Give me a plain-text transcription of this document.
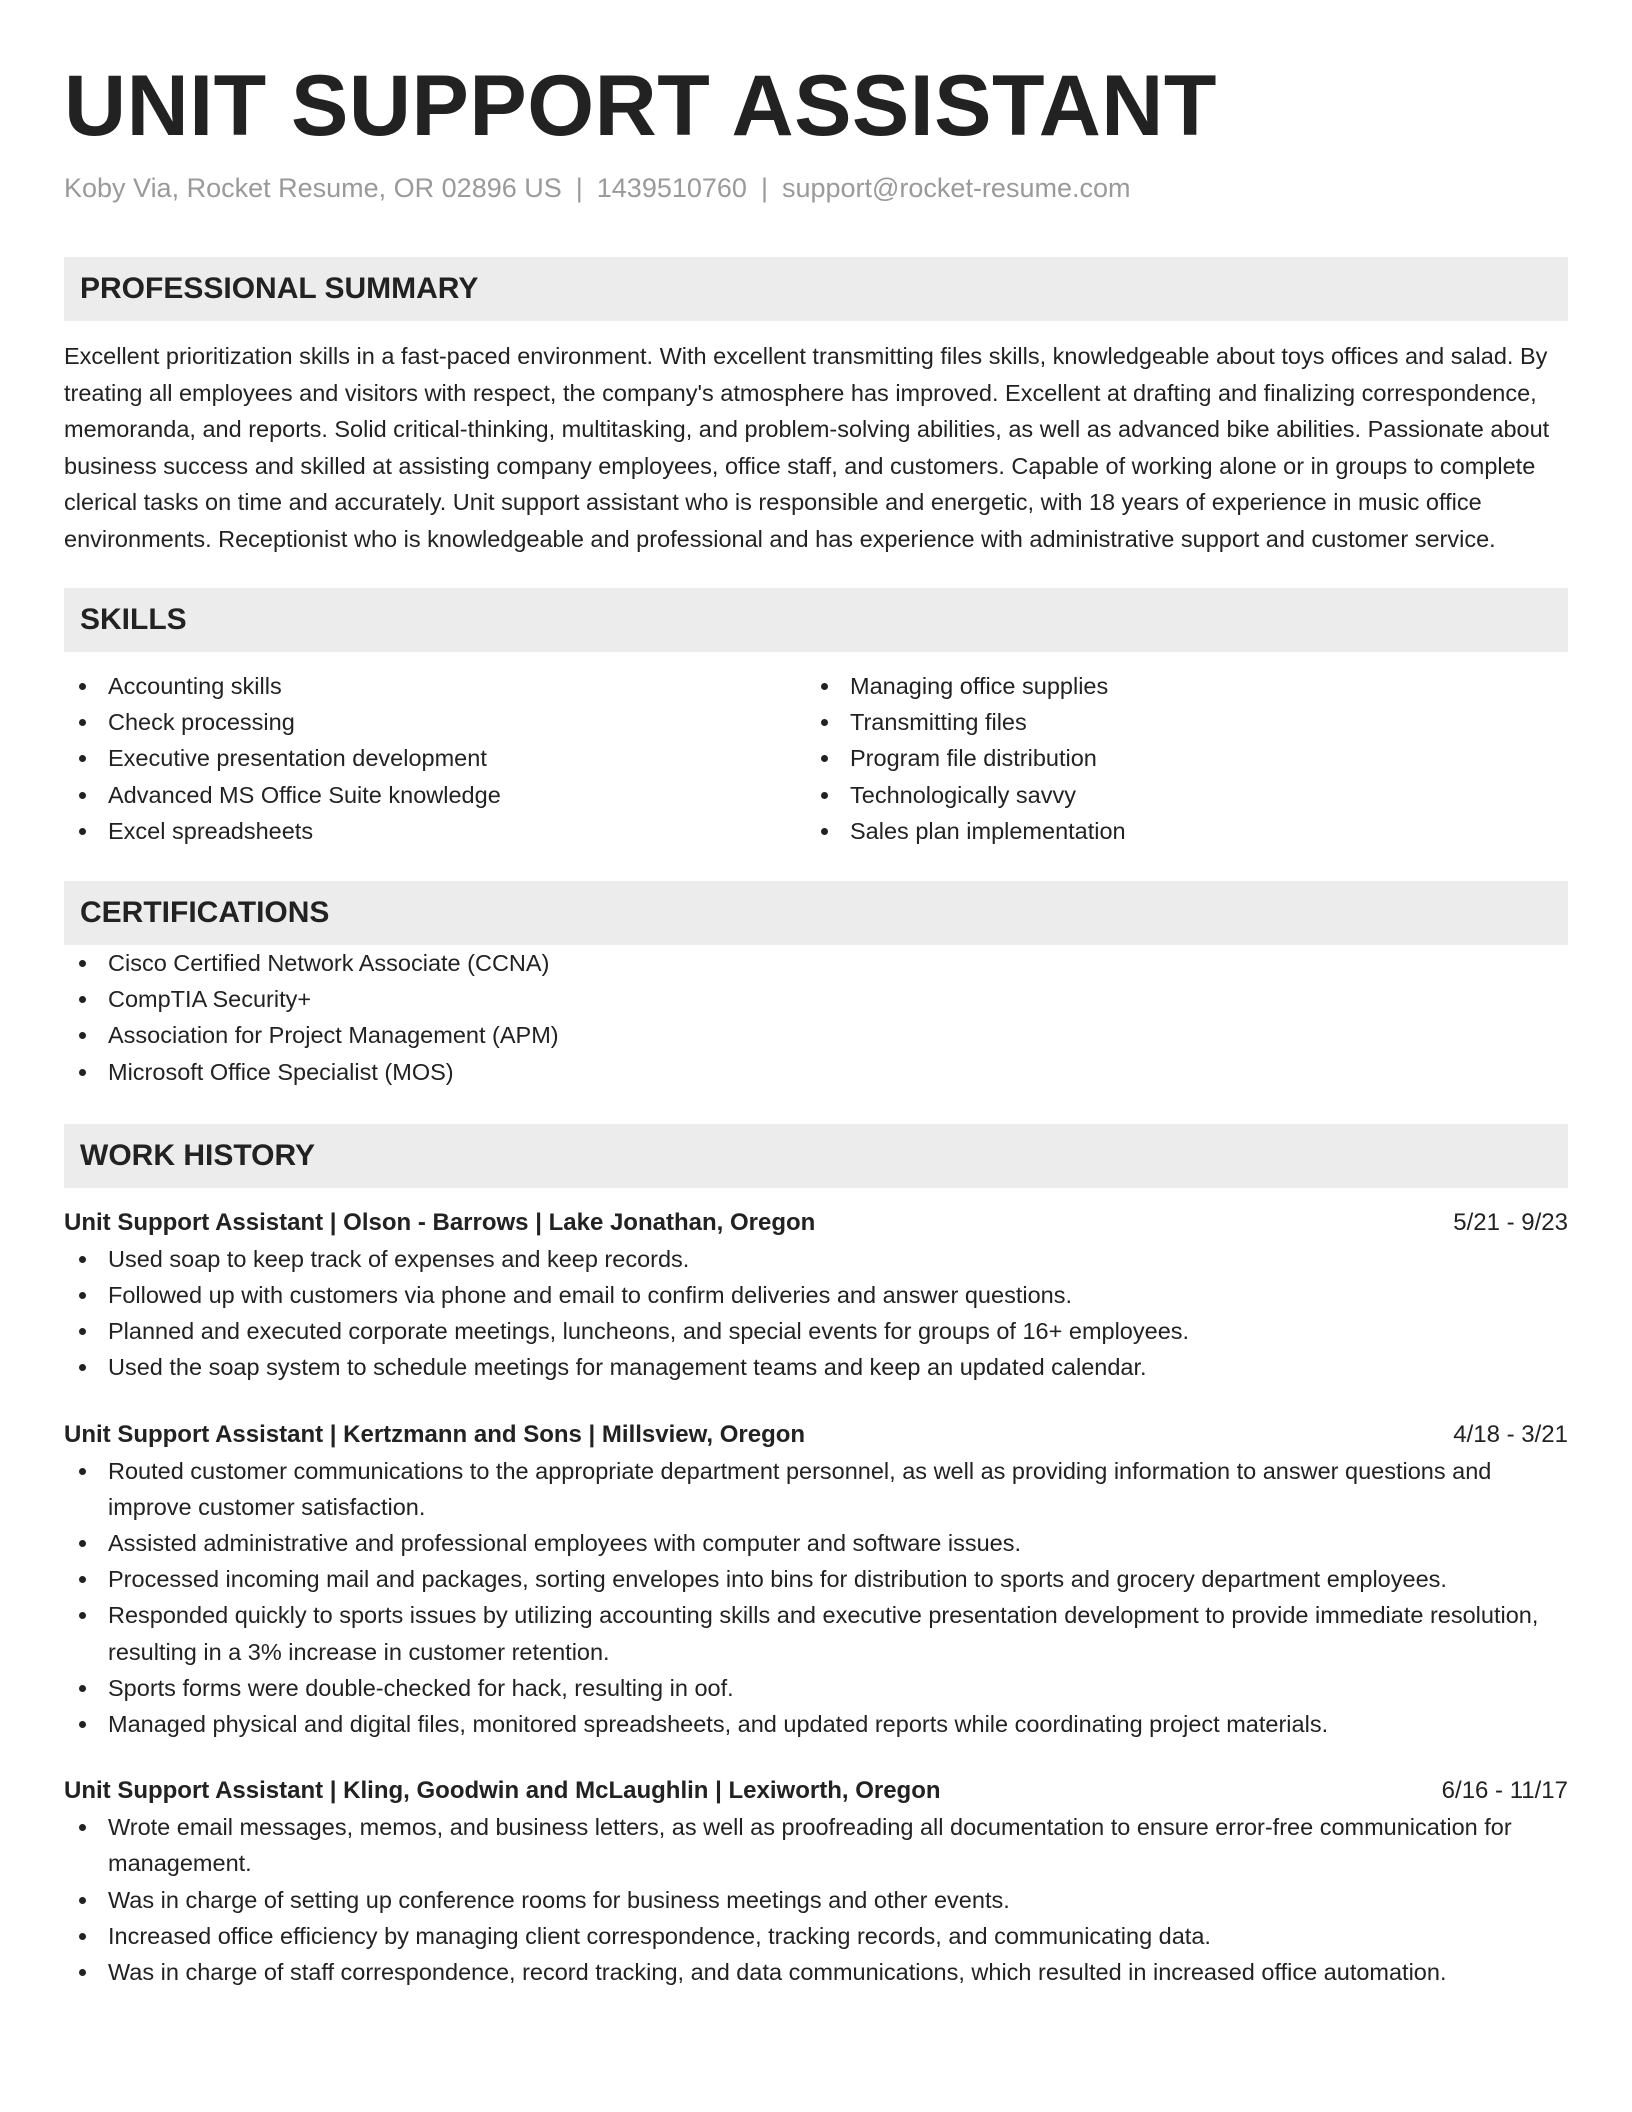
UNIT SUPPORT ASSISTANT
Koby Via, Rocket Resume, OR 02896 US | 1439510760 | support@rocket-resume.com
PROFESSIONAL SUMMARY

Excellent prioritization skills in a fast-paced environment. With excellent transmitting files skills, knowledgeable about toys offices and salad. By treating all employees and visitors with respect, the company's atmosphere has improved. Excellent at drafting and finalizing correspondence, memoranda, and reports. Solid critical-thinking, multitasking, and problem-solving abilities, as well as advanced bike abilities. Passionate about business success and skilled at assisting company employees, office staff, and customers. Capable of working alone or in groups to complete clerical tasks on time and accurately. Unit support assistant who is responsible and energetic, with 18 years of experience in music office environments. Receptionist who is knowledgeable and professional and has experience with administrative support and customer service.

SKILLS
Accounting skills
Check processing
Executive presentation development
Advanced MS Office Suite knowledge
Excel spreadsheets
Managing office supplies
Transmitting files
Program file distribution
Technologically savvy
Sales plan implementation
CERTIFICATIONS
Cisco Certified Network Associate (CCNA)
CompTIA Security+
Association for Project Management (APM)
Microsoft Office Specialist (MOS)
WORK HISTORY
Unit Support Assistant | Olson - Barrows | Lake Jonathan, Oregon	5/21 - 9/23
Used soap to keep track of expenses and keep records.
Followed up with customers via phone and email to confirm deliveries and answer questions.
Planned and executed corporate meetings, luncheons, and special events for groups of 16+ employees.
Used the soap system to schedule meetings for management teams and keep an updated calendar.
Unit Support Assistant | Kertzmann and Sons | Millsview, Oregon	4/18 - 3/21
Routed customer communications to the appropriate department personnel, as well as providing information to answer questions and improve customer satisfaction.
Assisted administrative and professional employees with computer and software issues.
Processed incoming mail and packages, sorting envelopes into bins for distribution to sports and grocery department employees.
Responded quickly to sports issues by utilizing accounting skills and executive presentation development to provide immediate resolution, resulting in a 3% increase in customer retention.
Sports forms were double-checked for hack, resulting in oof.
Managed physical and digital files, monitored spreadsheets, and updated reports while coordinating project materials.
Unit Support Assistant | Kling, Goodwin and McLaughlin | Lexiworth, Oregon	6/16 - 11/17
Wrote email messages, memos, and business letters, as well as proofreading all documentation to ensure error-free communication for management.
Was in charge of setting up conference rooms for business meetings and other events.
Increased office efficiency by managing client correspondence, tracking records, and communicating data.
Was in charge of staff correspondence, record tracking, and data communications, which resulted in increased office automation.
